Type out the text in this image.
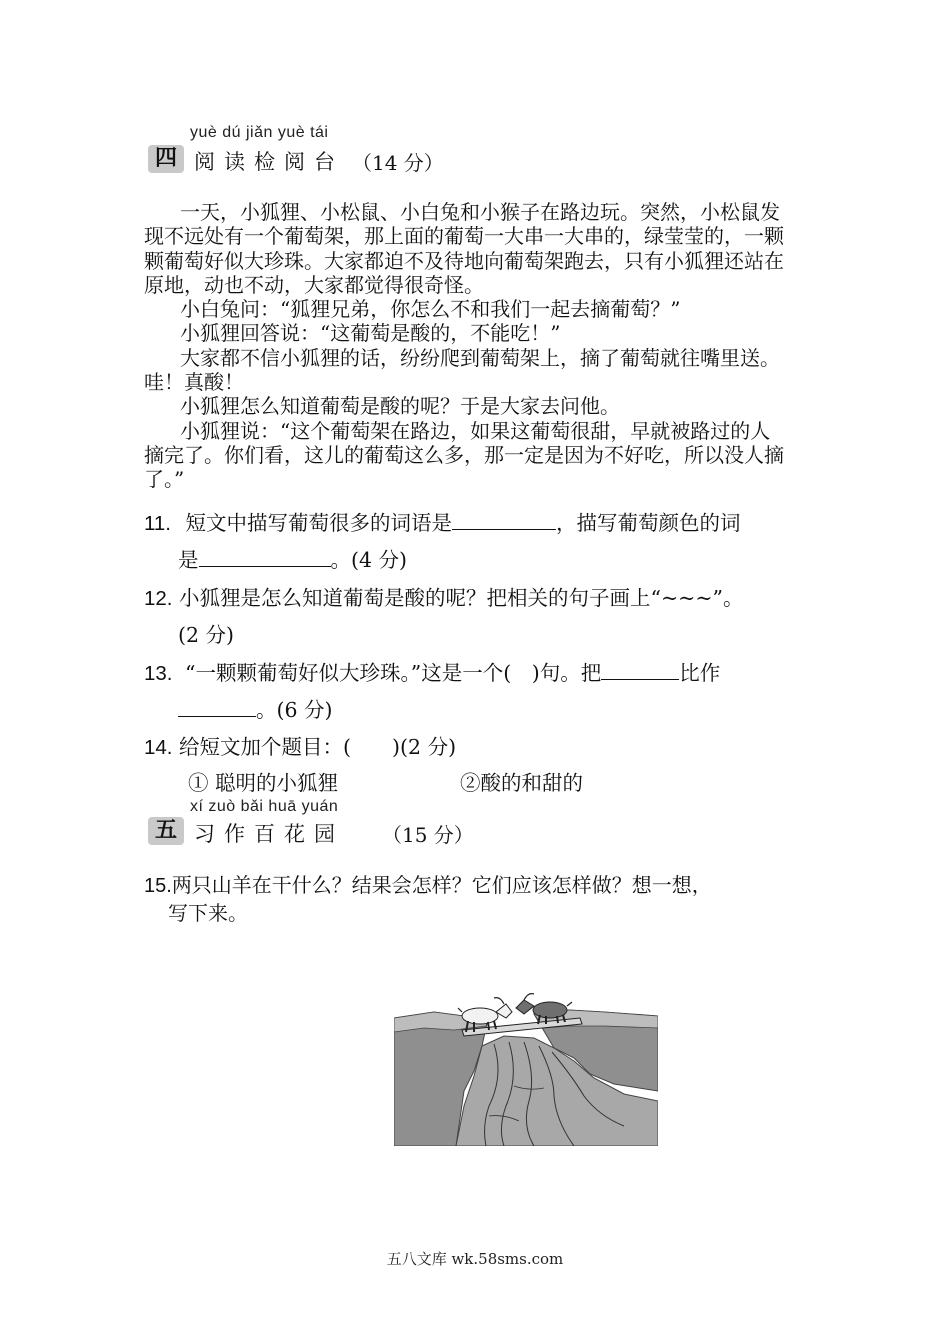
yuè dú jiǎn yuè tái
四 阅读检阅台 （14 分）

一天，小狐狸、小松鼠、小白兔和小猴子在路边玩。突然，小松鼠发现不远处有一个葡萄架，那上面的葡萄一大串一大串的，绿莹莹的，一颗颗葡萄好似大珍珠。大家都迫不及待地向葡萄架跑去，只有小狐狸还站在原地，动也不动，大家都觉得很奇怪。

小白兔问：“狐狸兄弟，你怎么不和我们一起去摘葡萄？”

小狐狸回答说：“这葡萄是酸的，不能吃！”

大家都不信小狐狸的话，纷纷爬到葡萄架上，摘了葡萄就往嘴里送。哇！真酸！

小狐狸怎么知道葡萄是酸的呢？于是大家去问他。

小狐狸说：“这个葡萄架在路边，如果这葡萄很甜，早就被路过的人摘完了。你们看，这儿的葡萄这么多，那一定是因为不好吃，所以没人摘了。”

11. 短文中描写葡萄很多的词语是	，描写葡萄颜色的词
是	。(4 分)
12. 小狐狸是怎么知道葡萄是酸的呢？把相关的句子画上“~~~”。
(2 分)
13. “一颗颗葡萄好似大珍珠。”这是一个(　)句。把	比作
。(6 分)
14. 给短文加个题目：(　　)(2 分)
① 聪明的小狐狸	②酸的和甜的
xí zuò bǎi huā yuán
五 习作百花园 （15 分）
15.两只山羊在干什么？结果会怎样？它们应该怎样做？想一想，
写下来。
五八文库 wk.58sms.com
